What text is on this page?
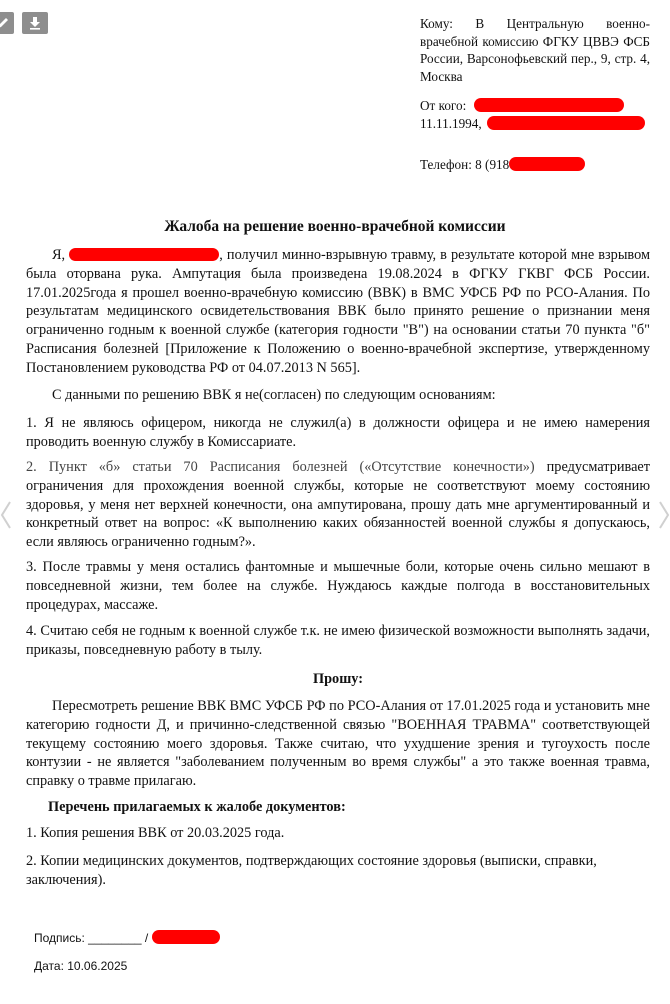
Кому: В Центральную военно-врачебной комиссию ФГКУ ЦВВЭ ФСБ России, Варсонофьевский пер., 9, стр. 4, Москва
От кого:
11.11.1994,
Телефон: 8 (918
Жалоба на решение военно-врачебной комиссии

Я,	, получил минно-взрывную травму, в результате которой мне взрывом была оторвана рука. Ампутация была произведена 19.08.2024 в ФГКУ ГКВГ ФСБ России. 17.01.2025года я прошел военно-врачебную комиссию (ВВК) в ВМС УФСБ РФ по РСО-Алания. По результатам медицинского освидетельствования ВВК было принято решение о признании меня ограниченно годным к военной службе (категория годности "В") на основании статьи 70 пункта "б" Расписания болезней [Приложение к Положению о военно-врачебной экспертизе, утвержденному Постановлением руководства РФ от 04.07.2013 N 565].

С данными по решению ВВК я не(согласен) по следующим основаниям:

1. Я не являюсь офицером, никогда не служил(а) в должности офицера и не имею намерения проводить военную службу в Комиссариате.

2. Пункт «б» статьи 70 Расписания болезней («Отсутствие конечности») предусматривает ограничения для прохождения военной службы, которые не соответствуют моему состоянию здоровья, у меня нет верхней конечности, она ампутирована, прошу дать мне аргументированный и конкретный ответ на вопрос: «К выполнению каких обязанностей военной службы я допускаюсь, если являюсь ограниченно годным?».

3. После травмы у меня остались фантомные и мышечные боли, которые очень сильно мешают в повседневной жизни, тем более на службе. Нуждаюсь каждые полгода в восстановительных процедурах, массаже.

4. Считаю себя не годным к военной службе т.к. не имею физической возможности выполнять задачи, приказы, повседневную работу в тылу.

Прошу:

Пересмотреть решение ВВК ВМС УФСБ РФ по РСО-Алания от 17.01.2025 года и установить мне категорию годности Д, и причинно-следственной связью "ВОЕННАЯ ТРАВМА" соответствующей текущему состоянию моего здоровья. Также считаю, что ухудшение зрения и тугоухость после контузии - не является "заболеванием полученным во время службы" а это также военная травма, справку о травме прилагаю.

Перечень прилагаемых к жалобе документов:

1. Копия решения ВВК от 20.03.2025 года.

2. Копии медицинских документов, подтверждающих состояние здоровья (выписки, справки, заключения).

Подпись: ________ /
Дата: 10.06.2025
